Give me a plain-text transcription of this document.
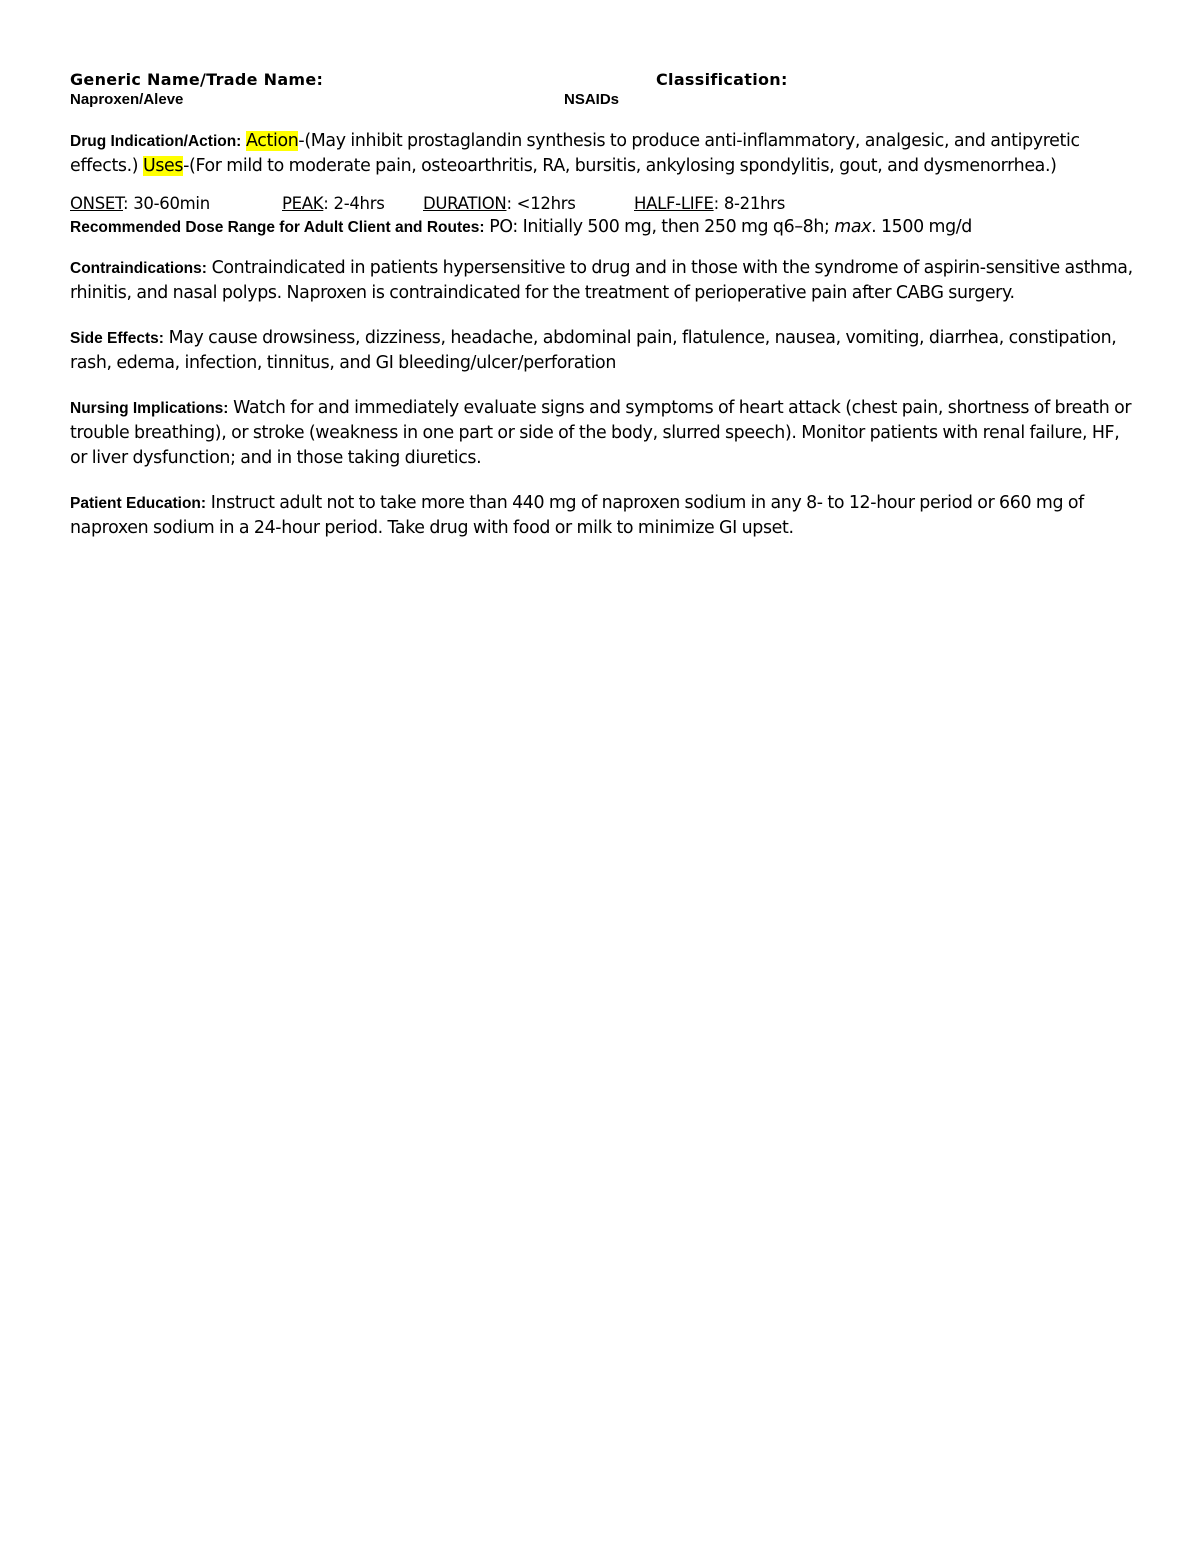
Generic Name/Trade Name:	Classification:
Naproxen/Aleve	NSAIDs

Drug Indication/Action: Action-(May inhibit prostaglandin synthesis to produce anti-inflammatory, analgesic, and antipyretic effects.) Uses-(For mild to moderate pain, osteoarthritis, RA, bursitis, ankylosing spondylitis, gout, and dysmenorrhea.)

ONSET: 30-60min	PEAK: 2-4hrs DURATION: <12hrs	HALF-LIFE: 8-21hrs

Recommended Dose Range for Adult Client and Routes: PO: Initially 500 mg, then 250 mg q6–8h; max. 1500 mg/d

Contraindications: Contraindicated in patients hypersensitive to drug and in those with the syndrome of aspirin-sensitive asthma, rhinitis, and nasal polyps. Naproxen is contraindicated for the treatment of perioperative pain after CABG surgery.

Side Effects: May cause drowsiness, dizziness, headache, abdominal pain, flatulence, nausea, vomiting, diarrhea, constipation, rash, edema, infection, tinnitus, and GI bleeding/ulcer/perforation

Nursing Implications: Watch for and immediately evaluate signs and symptoms of heart attack (chest pain, shortness of breath or trouble breathing), or stroke (weakness in one part or side of the body, slurred speech). Monitor patients with renal failure, HF, or liver dysfunction; and in those taking diuretics.

Patient Education: Instruct adult not to take more than 440 mg of naproxen sodium in any 8- to 12-hour period or 660 mg of naproxen sodium in a 24-hour period. Take drug with food or milk to minimize GI upset.
